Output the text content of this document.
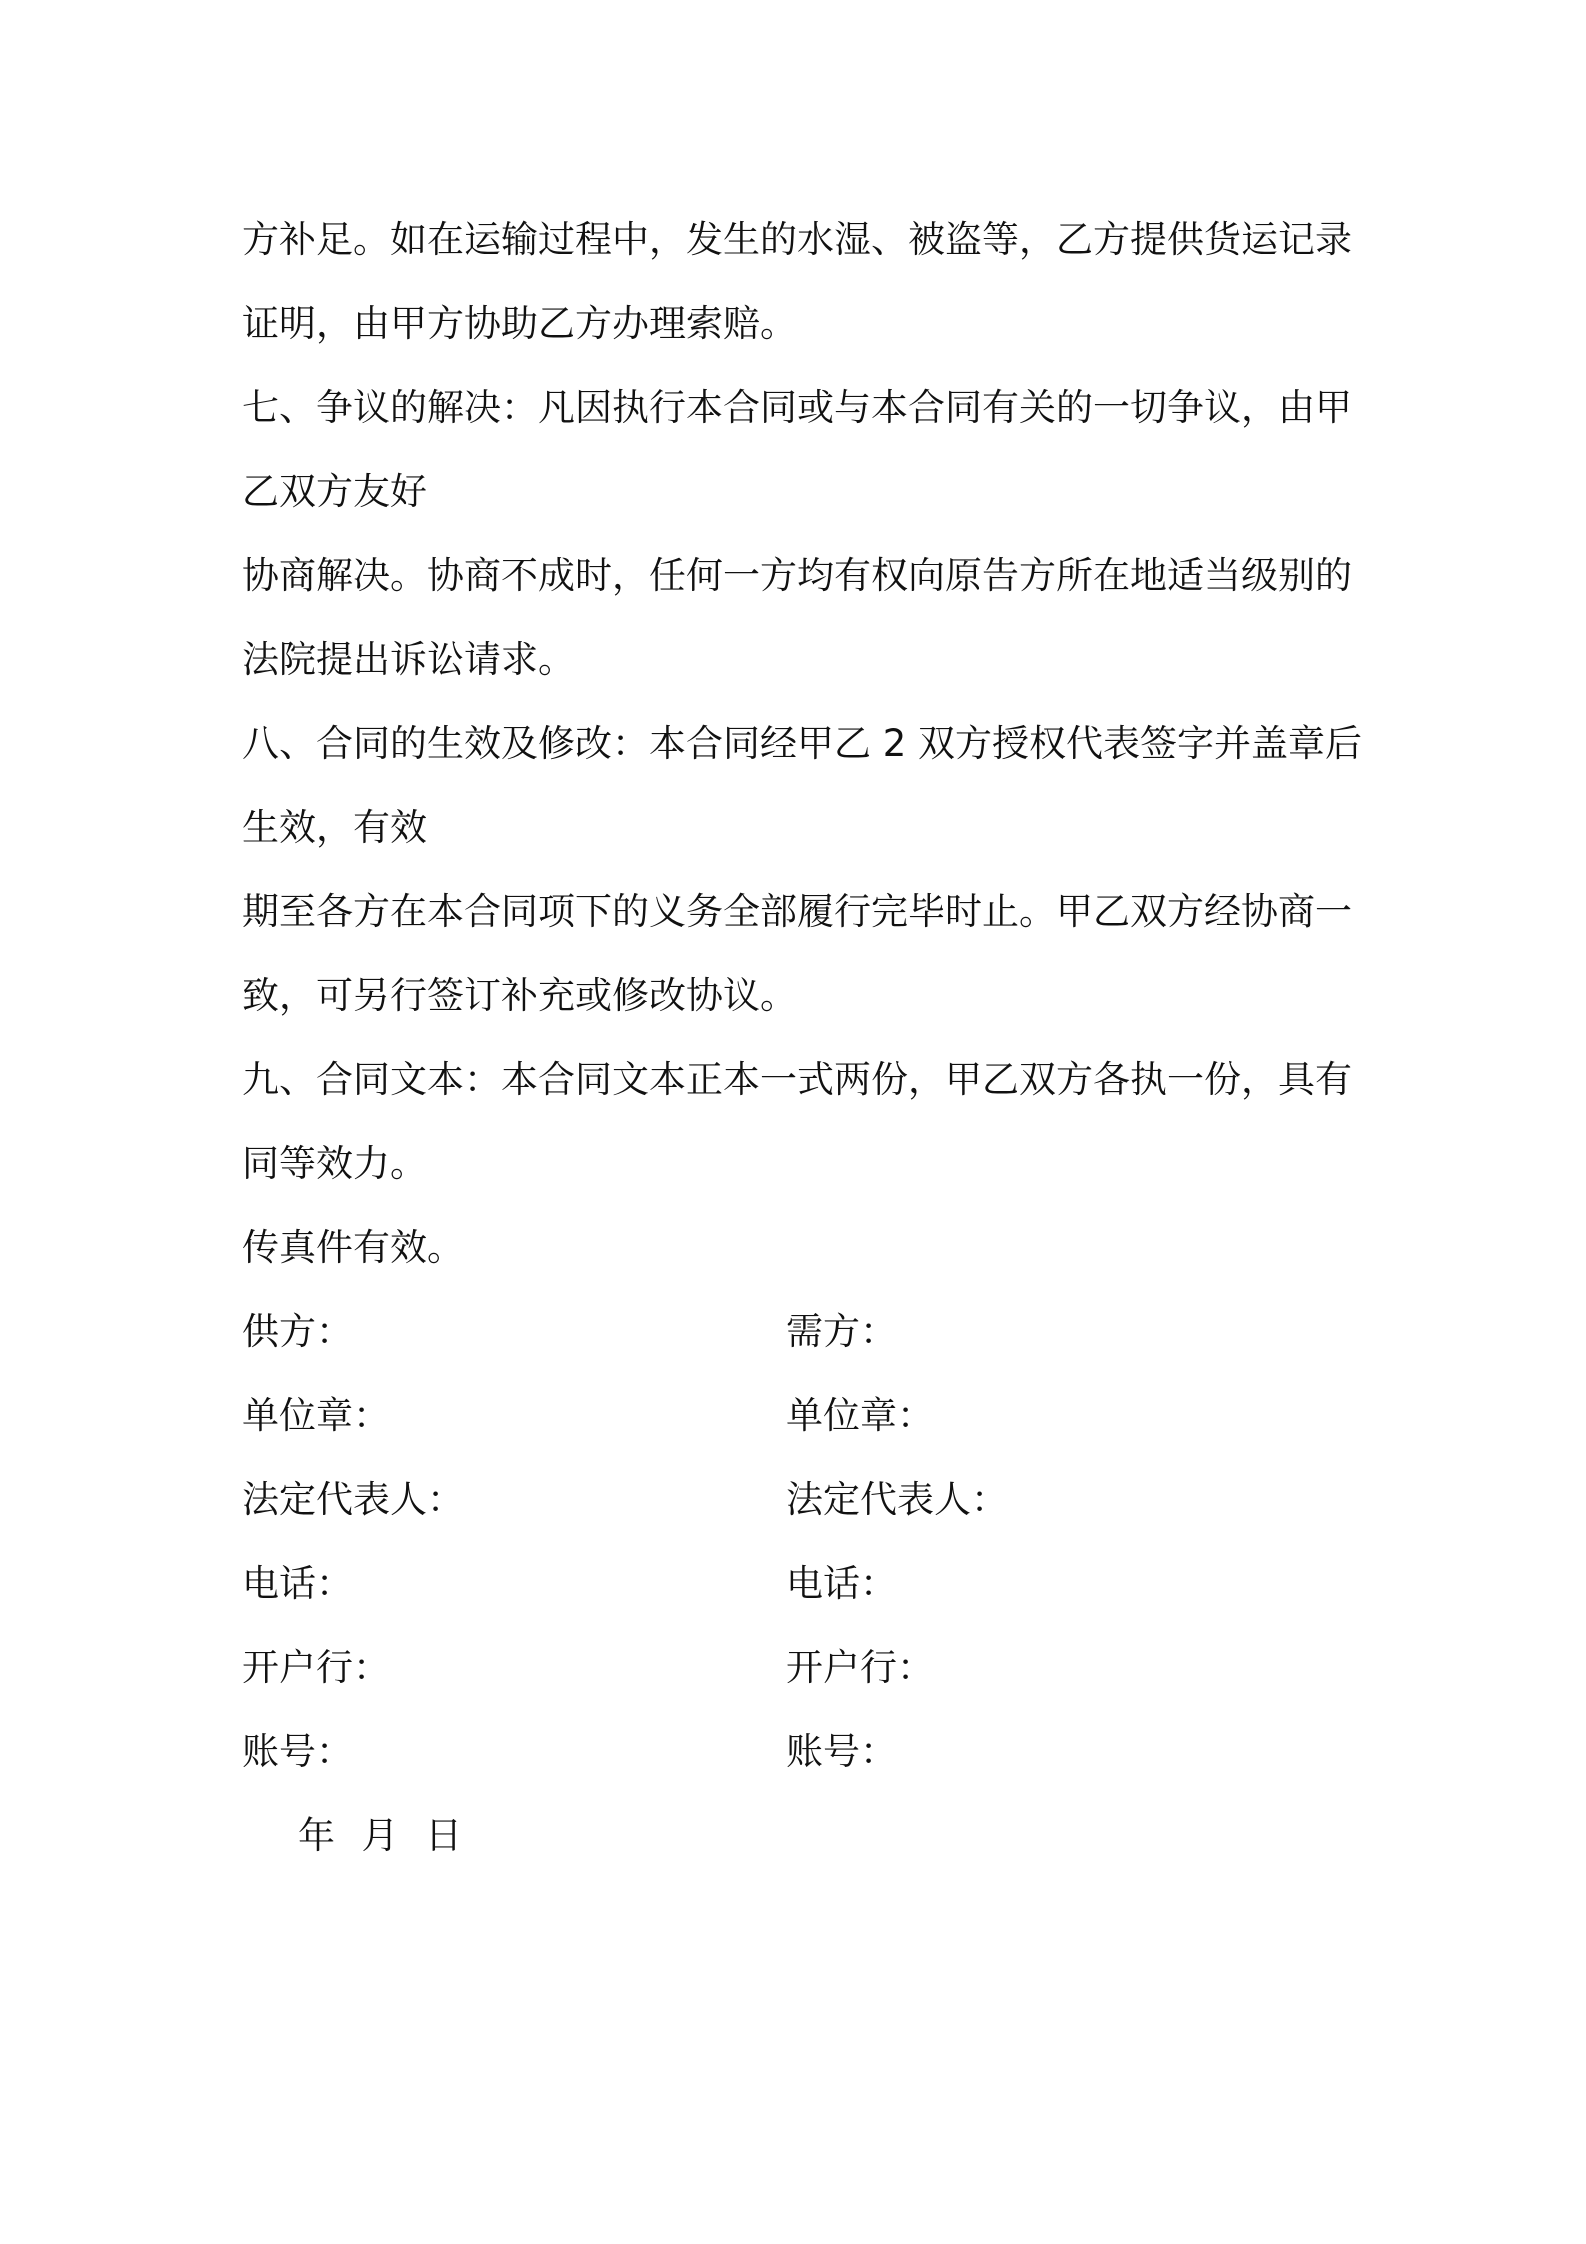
方补足。如在运输过程中，发生的水湿、被盗等，乙方提供货运记录
证明，由甲方协助乙方办理索赔。
七、争议的解决：凡因执行本合同或与本合同有关的一切争议，由甲
乙双方友好
协商解决。协商不成时，任何一方均有权向原告方所在地适当级别的
法院提出诉讼请求。
八、合同的生效及修改：本合同经甲乙 2 双方授权代表签字并盖章后
生效，有效
期至各方在本合同项下的义务全部履行完毕时止。甲乙双方经协商一
致，可另行签订补充或修改协议。
九、合同文本：本合同文本正本一式两份，甲乙双方各执一份，具有
同等效力。
传真件有效。
供方：	需方：
单位章：	单位章：
法定代表人：	法定代表人：
电话：	电话：
开户行：	开户行：
账号：	账号：
年 月 日
